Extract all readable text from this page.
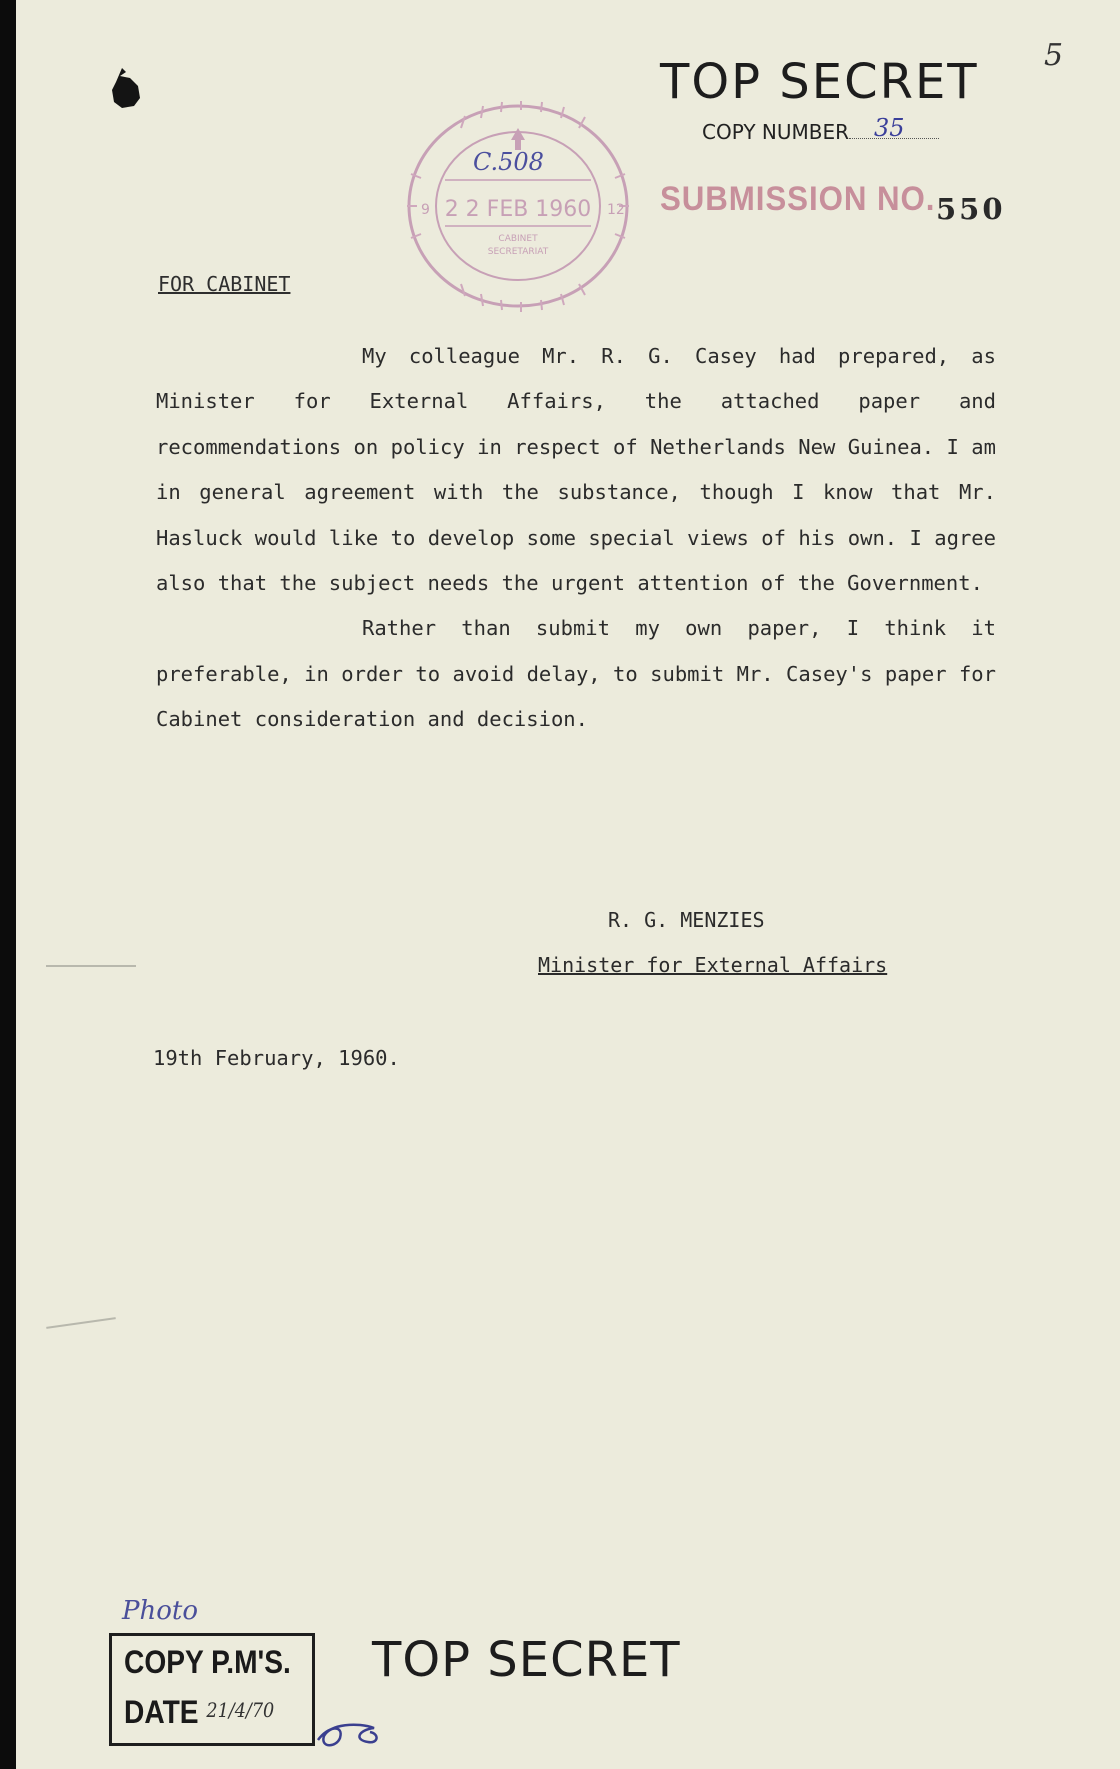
5
TOP SECRET
COPY NUMBER	35
SUBMISSION NO. 550
9	12
C.508
2 2 FEB 1960
CABINET
SECRETARIAT
FOR CABINET

My colleague Mr. R. G. Casey had prepared, as Minister for External Affairs, the attached paper and recommendations on policy in respect of Netherlands New Guinea. I am in general agreement with the substance, though I know that Mr. Hasluck would like to develop some special views of his own. I agree also that the subject needs the urgent attention of the Government.

Rather than submit my own paper, I think it preferable, in order to avoid delay, to submit Mr. Casey's paper for Cabinet consideration and decision.

R. G. MENZIES
Minister for External Affairs
19th February, 1960.
Photo
COPY P.M'S.
DATE 21/4/70
TOP SECRET
